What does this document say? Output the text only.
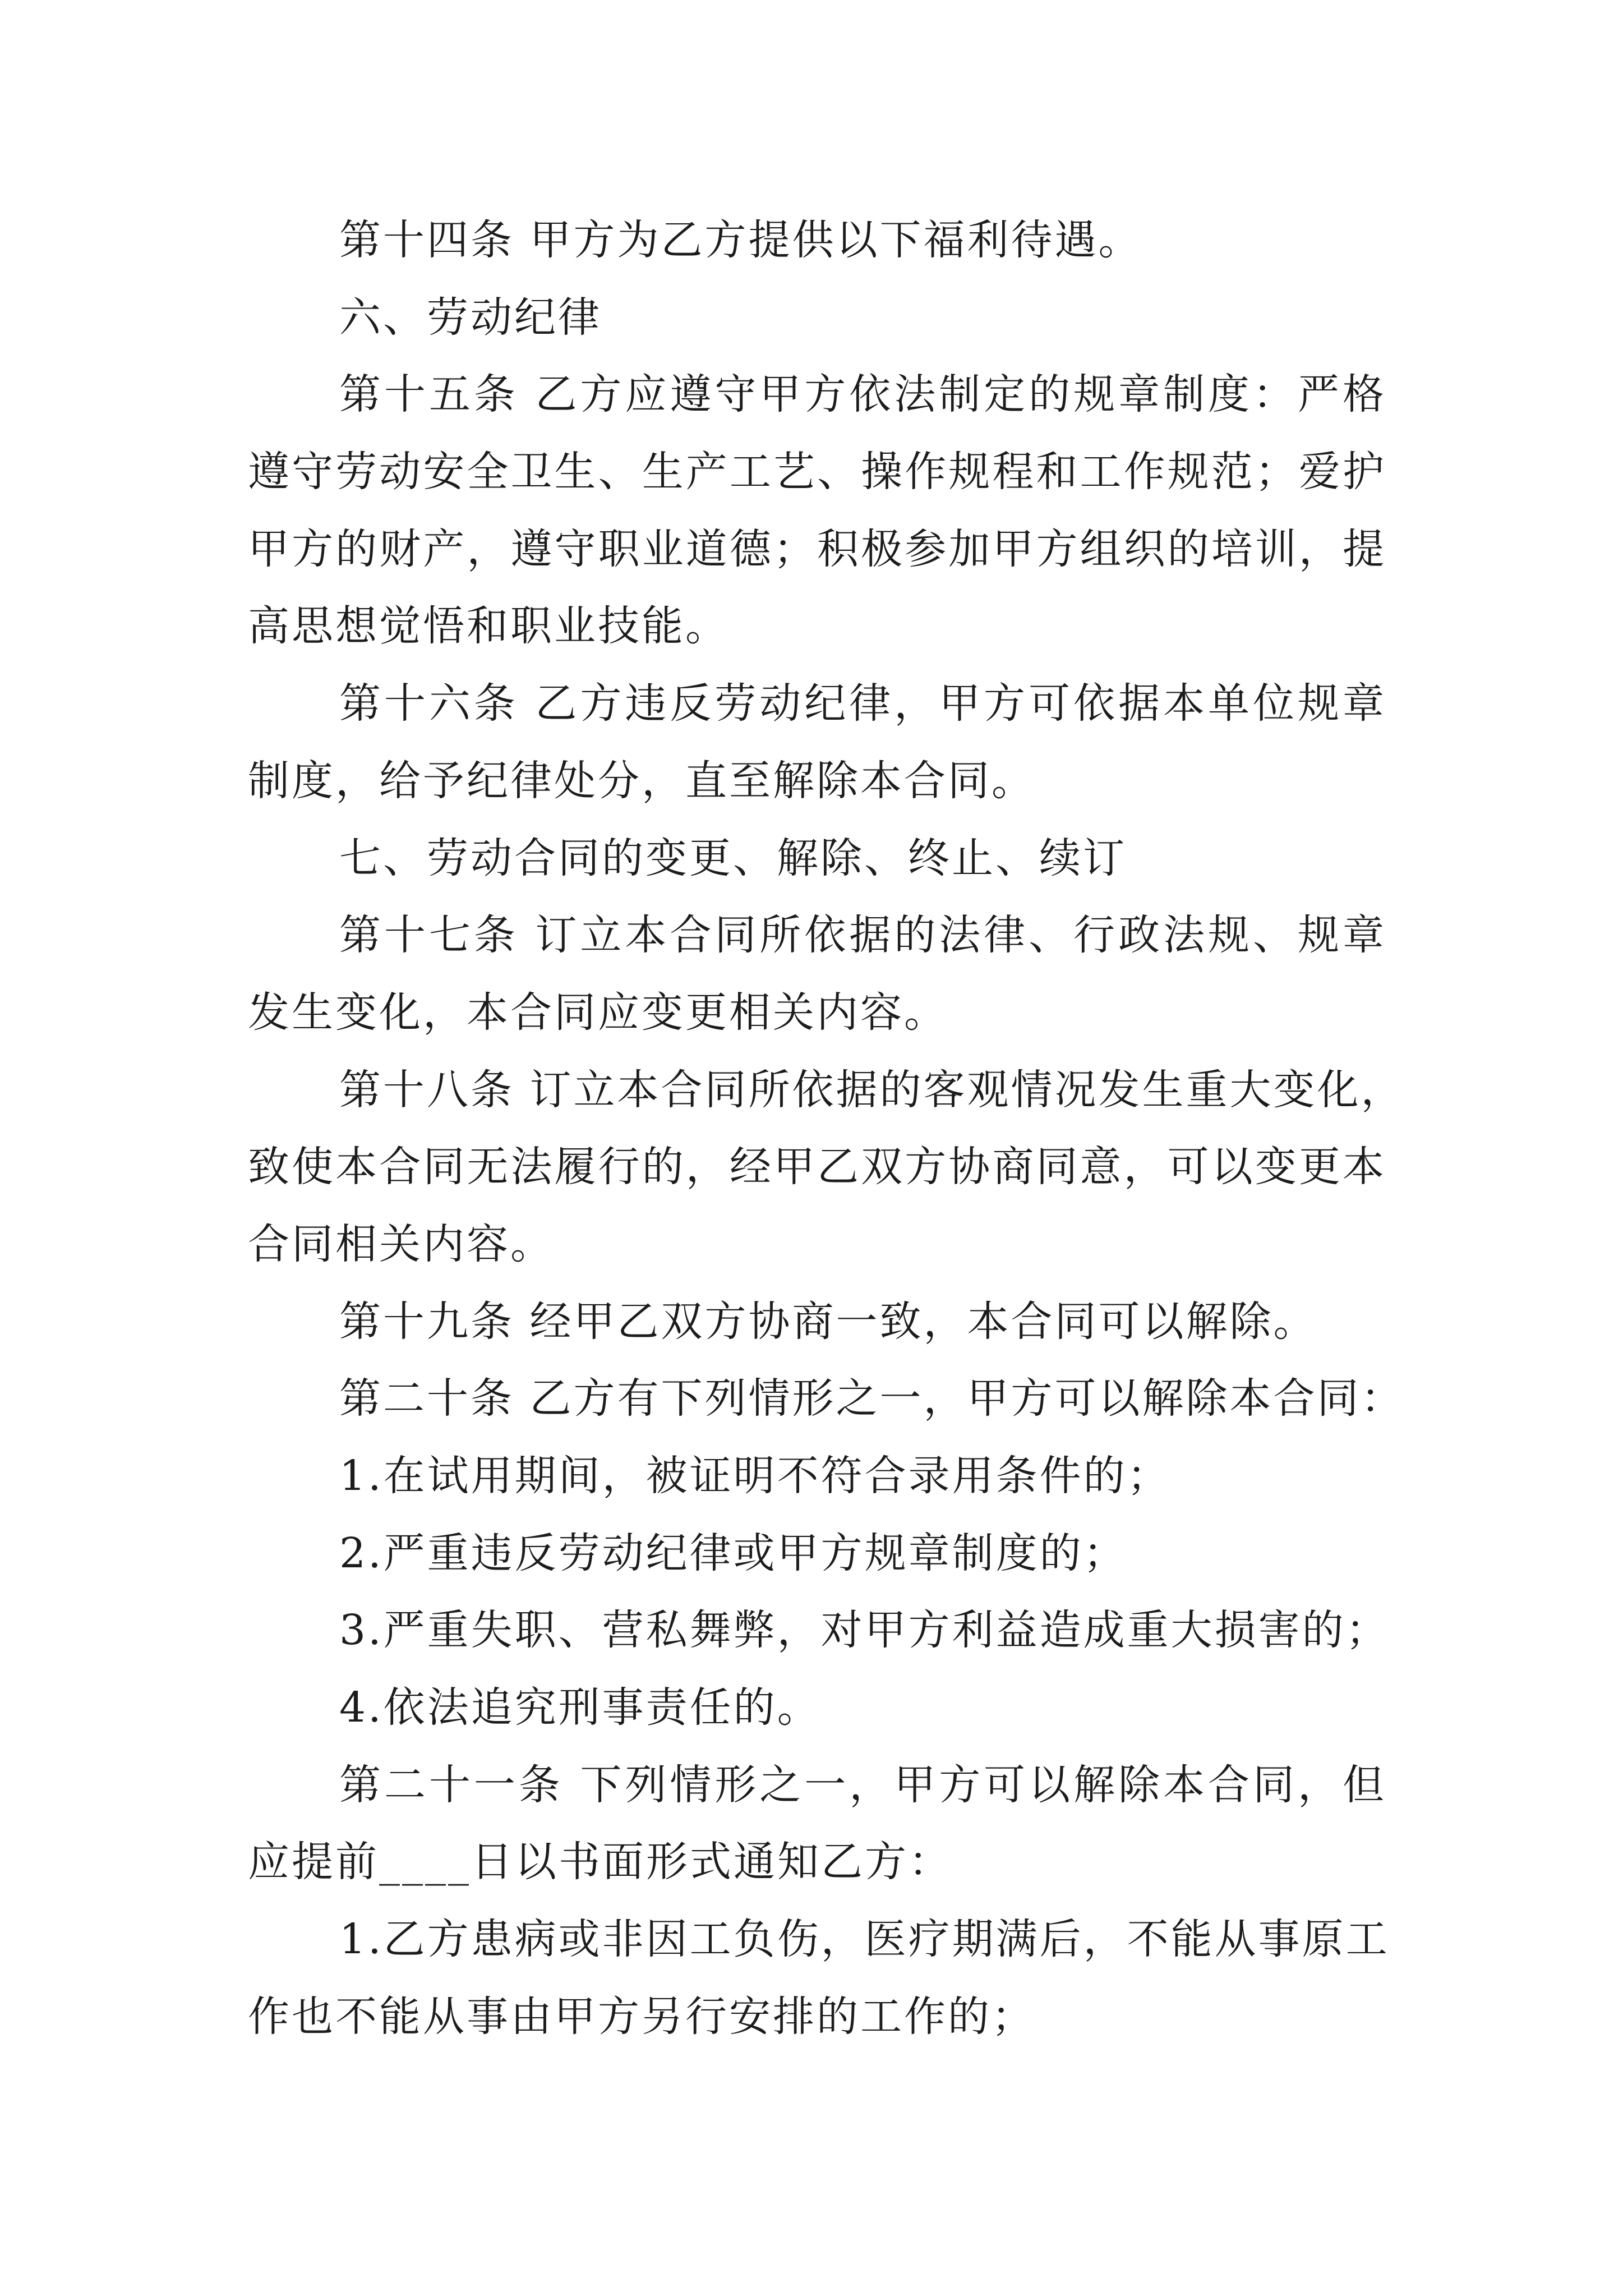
第十四条 甲方为乙方提供以下福利待遇。
六、劳动纪律
第十五条 乙方应遵守甲方依法制定的规章制度：严格
遵守劳动安全卫生、生产工艺、操作规程和工作规范；爱护
甲方的财产，遵守职业道德；积极参加甲方组织的培训，提
高思想觉悟和职业技能。
第十六条 乙方违反劳动纪律，甲方可依据本单位规章
制度，给予纪律处分，直至解除本合同。
七、劳动合同的变更、解除、终止、续订
第十七条 订立本合同所依据的法律、行政法规、规章
发生变化，本合同应变更相关内容。
第十八条 订立本合同所依据的客观情况发生重大变化，
致使本合同无法履行的，经甲乙双方协商同意，可以变更本
合同相关内容。
第十九条 经甲乙双方协商一致，本合同可以解除。
第二十条 乙方有下列情形之一，甲方可以解除本合同：
1.在试用期间，被证明不符合录用条件的；
2.严重违反劳动纪律或甲方规章制度的；
3.严重失职、营私舞弊，对甲方利益造成重大损害的；
4.依法追究刑事责任的。
第二十一条 下列情形之一，甲方可以解除本合同，但
应提前____日以书面形式通知乙方：
1.乙方患病或非因工负伤，医疗期满后，不能从事原工
作也不能从事由甲方另行安排的工作的；
